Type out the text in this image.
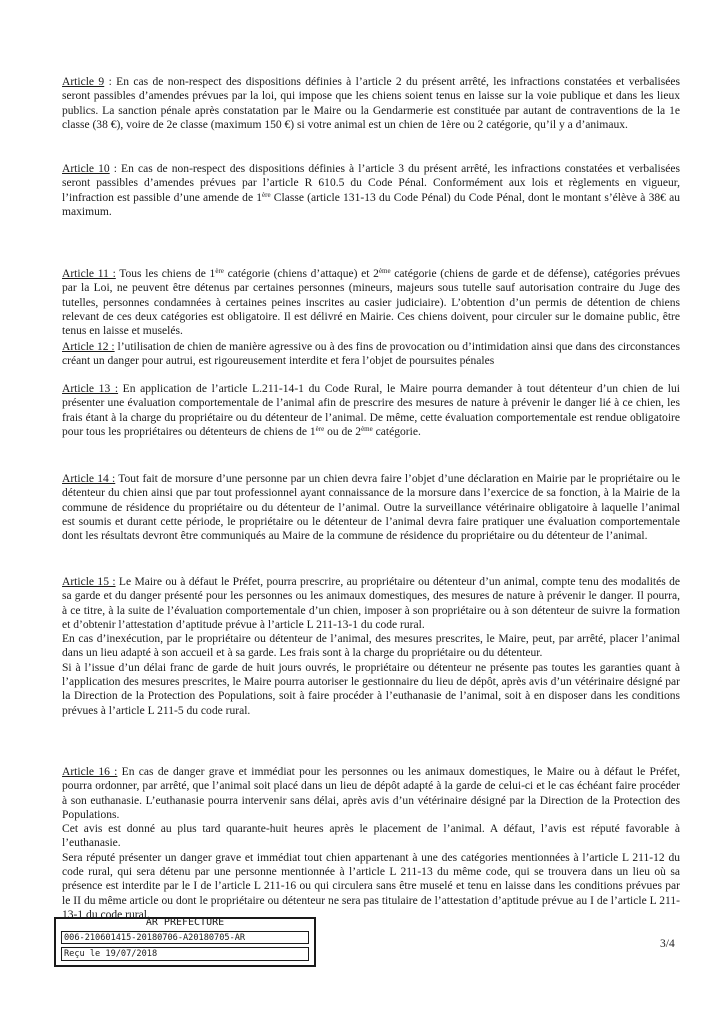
Article 9 : En cas de non-respect des dispositions définies à l’article 2 du présent arrêté, les infractions constatées et verbalisées seront passibles d’amendes prévues par la loi, qui impose que les chiens soient tenus en laisse sur la voie publique et dans les lieux publics. La sanction pénale après constatation par le Maire ou la Gendarmerie est constituée par autant de contraventions de la 1e classe (38 €), voire de 2e classe (maximum 150 €) si votre animal est un chien de 1ère ou 2 catégorie, qu’il y a d’animaux.

Article 10 : En cas de non-respect des dispositions définies à l’article 3 du présent arrêté, les infractions constatées et verbalisées seront passibles d’amendes prévues par l’article R 610.5 du Code Pénal. Conformément aux lois et règlements en vigueur, l’infraction est passible d’une amende de 1ère Classe (article 131-13 du Code Pénal) du Code Pénal, dont le montant s’élève à 38€ au maximum.

Article 11 : Tous les chiens de 1ère catégorie (chiens d’attaque) et 2ème catégorie (chiens de garde et de défense), catégories prévues par la Loi, ne peuvent être détenus par certaines personnes (mineurs, majeurs sous tutelle sauf autorisation contraire du Juge des tutelles, personnes condamnées à certaines peines inscrites au casier judiciaire). L’obtention d’un permis de détention de chiens relevant de ces deux catégories est obligatoire. Il est délivré en Mairie. Ces chiens doivent, pour circuler sur le domaine public, être tenus en laisse et muselés.

Article 12 : l’utilisation de chien de manière agressive ou à des fins de provocation ou d’intimidation ainsi que dans des circonstances créant un danger pour autrui, est rigoureusement interdite et fera l’objet de poursuites pénales

Article 13 : En application de l’article L.211-14-1 du Code Rural, le Maire pourra demander à tout détenteur d’un chien de lui présenter une évaluation comportementale de l’animal afin de prescrire des mesures de nature à prévenir le danger lié à ce chien, les frais étant à la charge du propriétaire ou du détenteur de l’animal. De même, cette évaluation comportementale est rendue obligatoire pour tous les propriétaires ou détenteurs de chiens de 1ère ou de 2ème catégorie.

Article 14 : Tout fait de morsure d’une personne par un chien devra faire l’objet d’une déclaration en Mairie par le propriétaire ou le détenteur du chien ainsi que par tout professionnel ayant connaissance de la morsure dans l’exercice de sa fonction, à la Mairie de la commune de résidence du propriétaire ou du détenteur de l’animal. Outre la surveillance vétérinaire obligatoire à laquelle l’animal est soumis et durant cette période, le propriétaire ou le détenteur de l’animal devra faire pratiquer une évaluation comportementale dont les résultats devront être communiqués au Maire de la commune de résidence du propriétaire ou du détenteur de l’animal.

Article 15 : Le Maire ou à défaut le Préfet, pourra prescrire, au propriétaire ou détenteur d’un animal, compte tenu des modalités de sa garde et du danger présenté pour les personnes ou les animaux domestiques, des mesures de nature à prévenir le danger. Il pourra, à ce titre, à la suite de l’évaluation comportementale d’un chien, imposer à son propriétaire ou à son détenteur de suivre la formation et d’obtenir l’attestation d’aptitude prévue à l’article L 211-13-1 du code rural.

En cas d’inexécution, par le propriétaire ou détenteur de l’animal, des mesures prescrites, le Maire, peut, par arrêté, placer l’animal dans un lieu adapté à son accueil et à sa garde. Les frais sont à la charge du propriétaire ou du détenteur.

Si à l’issue d’un délai franc de garde de huit jours ouvrés, le propriétaire ou détenteur ne présente pas toutes les garanties quant à l’application des mesures prescrites, le Maire pourra autoriser le gestionnaire du lieu de dépôt, après avis d’un vétérinaire désigné par la Direction de la Protection des Populations, soit à faire procéder à l’euthanasie de l’animal, soit à en disposer dans les conditions prévues à l’article L 211-5 du code rural.

Article 16 : En cas de danger grave et immédiat pour les personnes ou les animaux domestiques, le Maire ou à défaut le Préfet, pourra ordonner, par arrêté, que l’animal soit placé dans un lieu de dépôt adapté à la garde de celui-ci et le cas échéant faire procéder à son euthanasie. L’euthanasie pourra intervenir sans délai, après avis d’un vétérinaire désigné par la Direction de la Protection des Populations.

Cet avis est donné au plus tard quarante-huit heures après le placement de l’animal. A défaut, l’avis est réputé favorable à l’euthanasie.

Sera réputé présenter un danger grave et immédiat tout chien appartenant à une des catégories mentionnées à l’article L 211-12 du code rural, qui sera détenu par une personne mentionnée à l’article L 211-13 du même code, qui se trouvera dans un lieu où sa présence est interdite par le I de l’article L 211-16 ou qui circulera sans être muselé et tenu en laisse dans les conditions prévues par le II du même article ou dont le propriétaire ou détenteur ne sera pas titulaire de l’attestation d’aptitude prévue au I de l’article L 211-13-1 du code rural.

AR PREFECTURE
006-210601415-20180706-A20180705-AR
Reçu le 19/07/2018
3/4
